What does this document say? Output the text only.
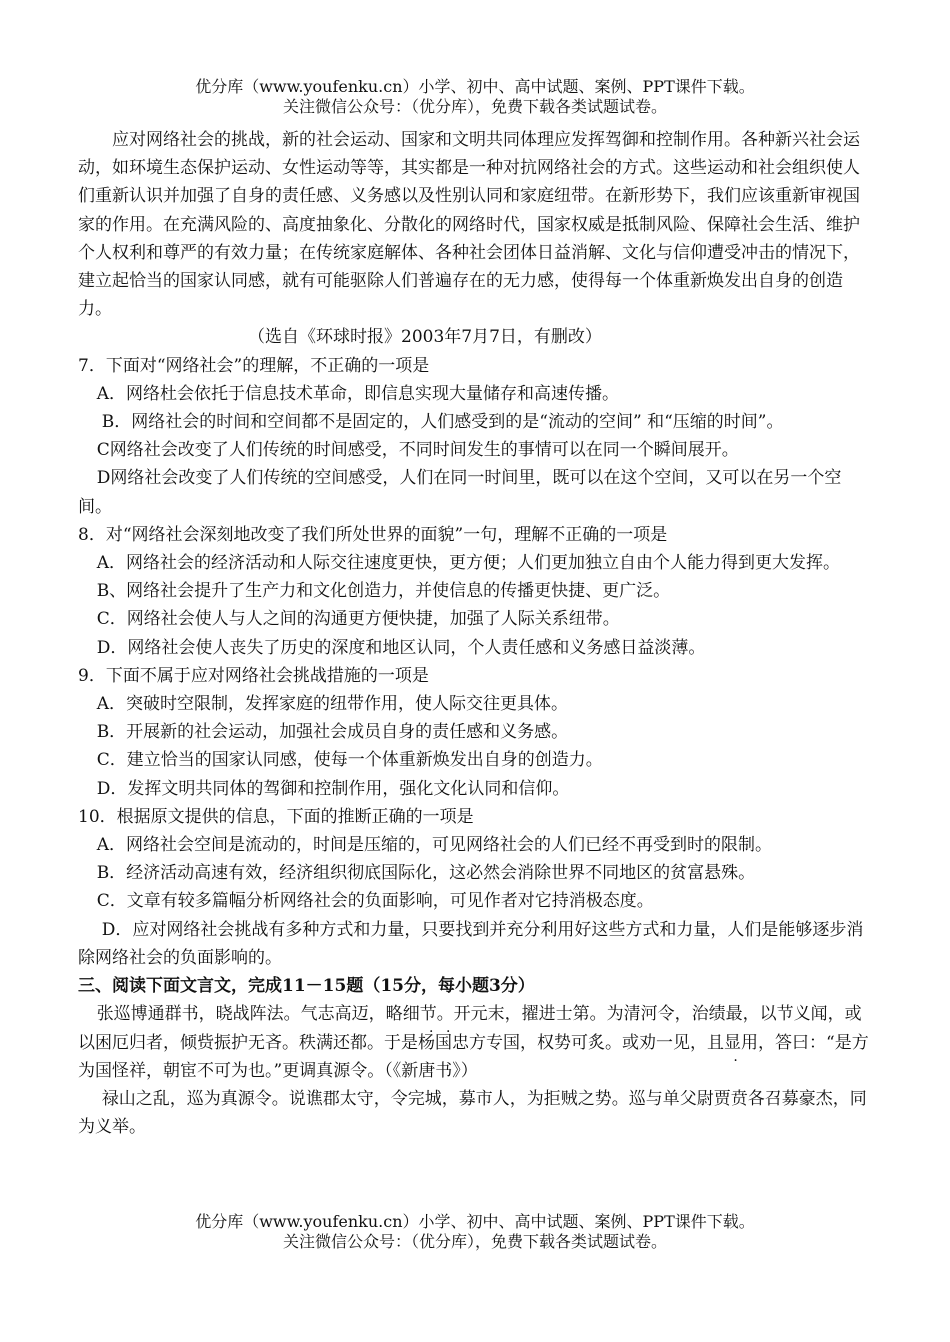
优分库（www.youfenku.cn）小学、初中、高中试题、案例、PPT课件下载。
关注微信公众号：（优分库），免费下载各类试题试卷。

应对网络社会的挑战，新的社会运动、国家和文明共同体理应发挥驾御和控制作用。各种新兴社会运动，如环境生态保护运动、女性运动等等，其实都是一种对抗网络社会的方式。这些运动和社会组织使人们重新认识并加强了自身的责任感、义务感以及性别认同和家庭纽带。在新形势下，我们应该重新审视国家的作用。在充满风险的、高度抽象化、分散化的网络时代，国家权威是抵制风险、保障社会生活、维护个人权利和尊严的有效力量；在传统家庭解体、各种社会团体日益消解、文化与信仰遭受冲击的情况下，建立起恰当的国家认同感，就有可能驱除人们普遍存在的无力感，使得每一个体重新焕发出自身的创造力。

（选自《环球时报》2003年7月7日，有删改）

7．下面对“网络社会”的理解，不正确的一项是

A．网络杜会依托于信息技术革命，即信息实现大量储存和高速传播。

B．网络社会的时间和空间都不是固定的，人们感受到的是“流动的空间” 和“压缩的时间”。

C网络社会改变了人们传统的时间感受，不同时间发生的事情可以在同一个瞬间展开。

D网络社会改变了人们传统的空间感受，人们在同一时间里，既可以在这个空间，又可以在另一个空间。

8．对“网络社会深刻地改变了我们所处世界的面貌”一句，理解不正确的一项是

A．网络社会的经济活动和人际交往速度更快，更方便；人们更加独立自由个人能力得到更大发挥。

B、网络社会提升了生产力和文化创造力，并使信息的传播更快捷、更广泛。

C．网络社会使人与人之间的沟通更方便快捷，加强了人际关系纽带。

D．网络社会使人丧失了历史的深度和地区认同，个人责任感和义务感日益淡薄。

9．下面不属于应对网络社会挑战措施的一项是

A．突破时空限制，发挥家庭的纽带作用，使人际交往更具体。

B．开展新的社会运动，加强社会成员自身的责任感和义务感。

C．建立恰当的国家认同感，使每一个体重新焕发出自身的创造力。

D．发挥文明共同体的驾御和控制作用，强化文化认同和信仰。

10．根据原文提供的信息，下面的推断正确的一项是

A．网络社会空间是流动的，时间是压缩的，可见网络社会的人们已经不再受到时的限制。

B．经济活动高速有效，经济组织彻底国际化，这必然会消除世界不同地区的贫富悬殊。

C．文章有较多篇幅分析网络社会的负面影响，可见作者对它持消极态度。

D．应对网络社会挑战有多种方式和力量，只要找到并充分利用好这些方式和力量，人们是能够逐步消除网络社会的负面影响的。

三、阅读下面文言文，完成11－15题（15分，每小题3分）

张巡博通群书，晓战阵法。气志高迈，略细 ·节 ·。开元末，擢进士第。为清河令，治绩最，以节义闻，或以困厄归者，倾赀振护无吝。秩满还都。于是杨国忠方专国，权势可炙。或劝一见，且 ·显用，答曰：“是方为国怪祥，朝宦不可为也。”更调真源令。（《新唐书》）

禄山之乱，巡为真源令。说谯郡太守，令完城，募市人，为拒贼之势。巡与单父尉贾贲各召募豪杰，同为义举。

优分库（www.youfenku.cn）小学、初中、高中试题、案例、PPT课件下载。
关注微信公众号：（优分库），免费下载各类试题试卷。
